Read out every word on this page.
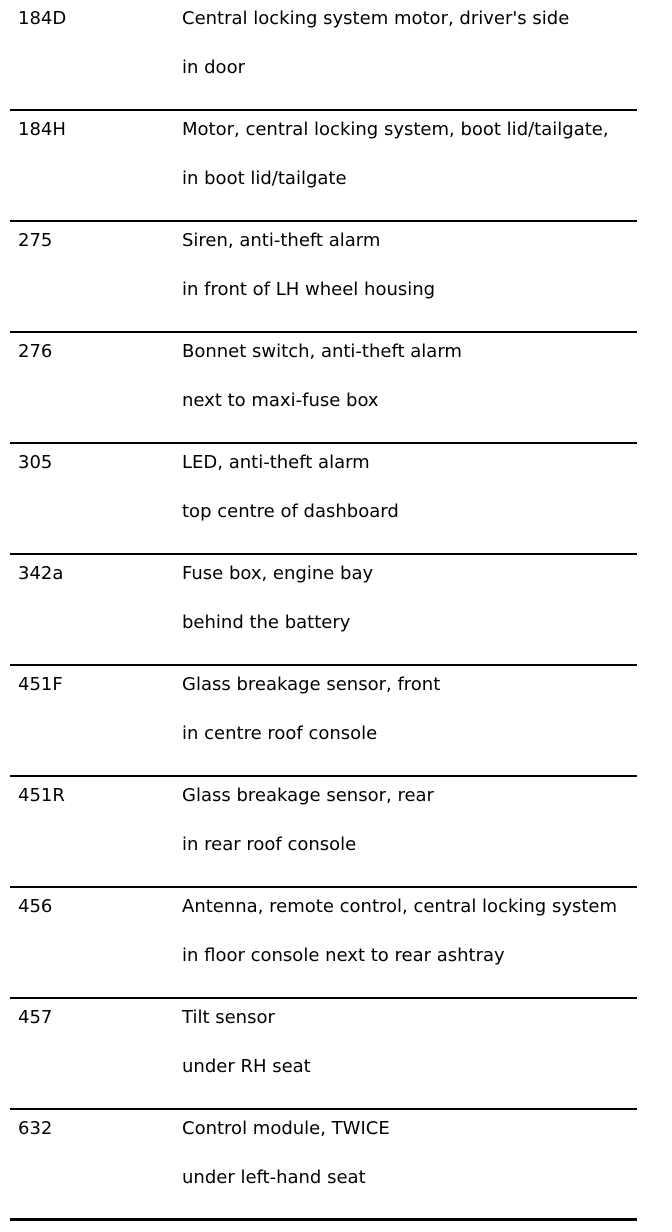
184D	Central locking system motor, driver's side
in door
184H	Motor, central locking system, boot lid/tailgate,
in boot lid/tailgate
275	Siren, anti-theft alarm
in front of LH wheel housing
276	Bonnet switch, anti-theft alarm
next to maxi-fuse box
305	LED, anti-theft alarm
top centre of dashboard
342a	Fuse box, engine bay
behind the battery
451F	Glass breakage sensor, front
in centre roof console
451R	Glass breakage sensor, rear
in rear roof console
456	Antenna, remote control, central locking system
in floor console next to rear ashtray
457	Tilt sensor
under RH seat
632	Control module, TWICE
under left-hand seat
